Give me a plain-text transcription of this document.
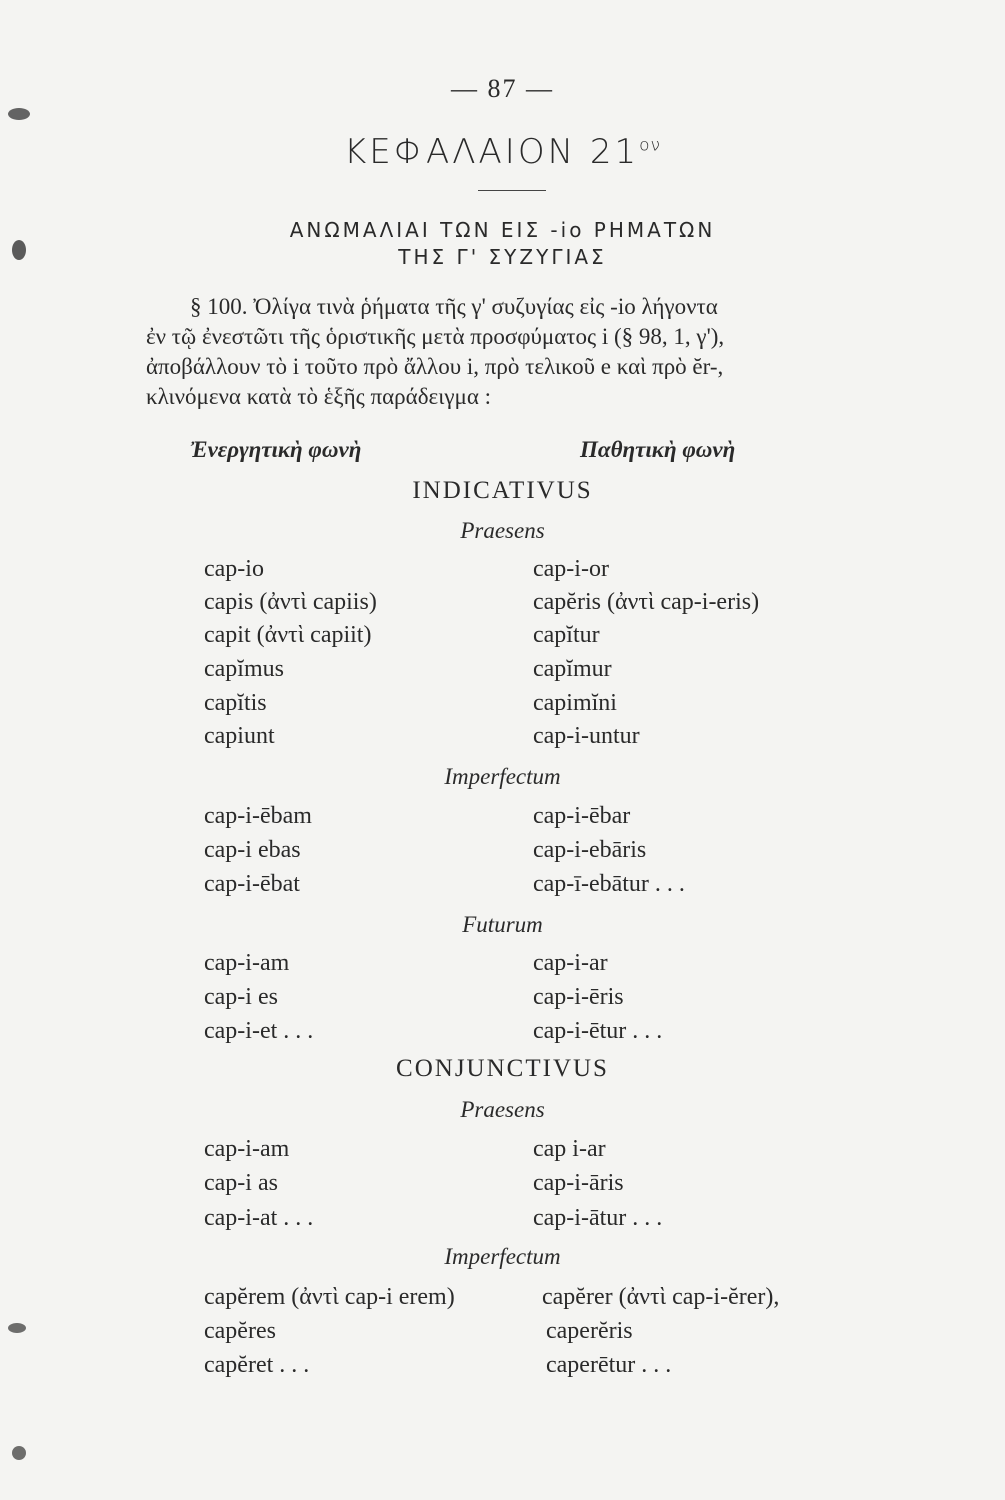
— 87 —
ΚΕΦΑΛΑΙΟΝ $21^{o\nu}$
ΑΝΩΜΑΛΙΑΙ ΤΩΝ ΕΙΣ -io ΡΗΜΑΤΩΝ
ΤΗΣ Γ' ΣΥΖΥΓΙΑΣ
§ 100. Ὀλίγα τινὰ ῥήματα τῆς γ' συζυγίας εἰς -io λήγοντα
ἐν τῷ ἐνεστῶτι τῆς ὁριστικῆς μετὰ προσφύματος i (§ 98, 1, γ'),
ἀποβάλλουν τὸ i τοῦτο πρὸ ἄλλου i, πρὸ τελικοῦ e καὶ πρὸ ĕr-,
κλινόμενα κατὰ τὸ ἑξῆς παράδειγμα :
Ἐνεργητικὴ φωνὴ	Παθητικὴ φωνὴ
INDICATIVUS
Praesens
cap-io	cap-i-or
capis (ἀντὶ capiis)	capĕris (ἀντὶ cap-i-eris)
capit (ἀντὶ capiit)	capĭtur
capĭmus	capĭmur
capĭtis	capimĭni
capiunt	cap-i-untur
Imperfectum
cap-i-ēbam	cap-i-ēbar
cap-i ebas	cap-i-ebāris
cap-i-ēbat	cap-ī-ebātur . . .
Futurum
cap-i-am	cap-i-ar
cap-i es	cap-i-ēris
cap-i-et . . .	cap-i-ētur . . .
CONJUNCTIVUS
Praesens
cap-i-am	cap i-ar
cap-i as	cap-i-āris
cap-i-at . . .	cap-i-ātur . . .
Imperfectum
capĕrem (ἀντὶ cap-i erem)	capĕrer (ἀντὶ cap-i-ĕrer),
capĕres	caperĕris
capĕret . . .	caperētur . . .
